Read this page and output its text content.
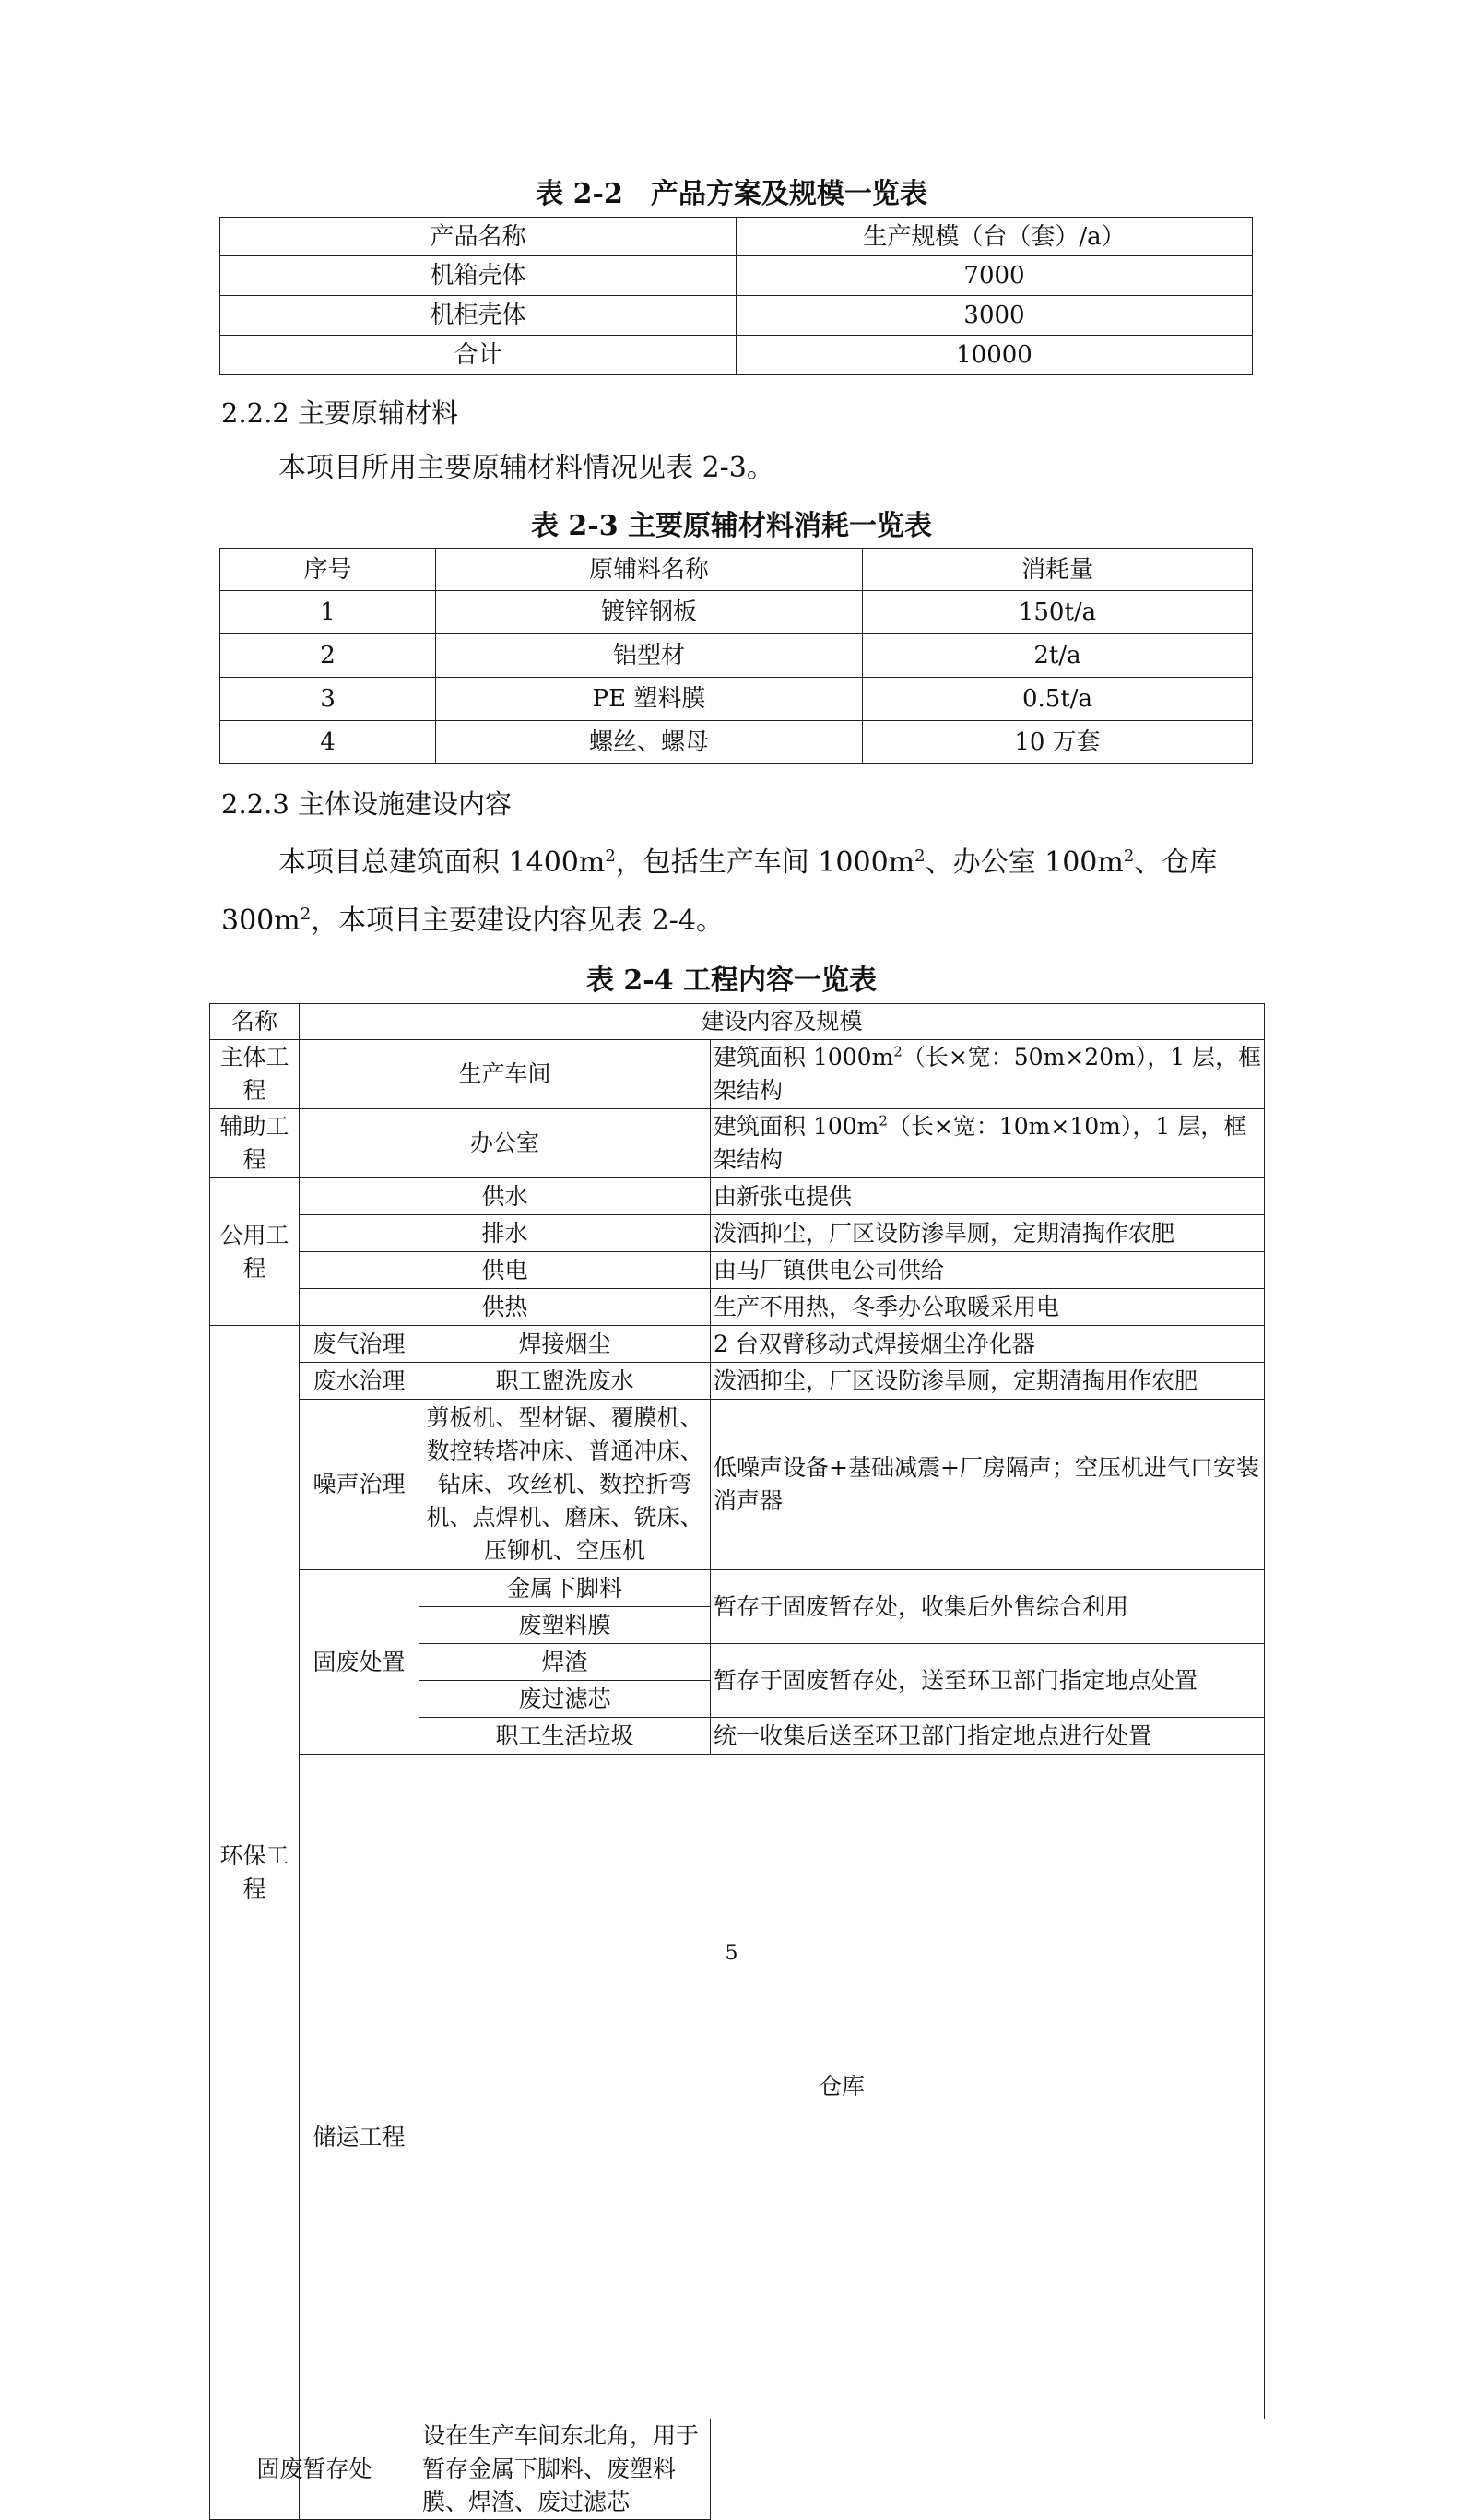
表 2-2　产品方案及规模一览表
产品名称	生产规模（台（套）/a）
机箱壳体	7000
机柜壳体	3000
合计	10000
2.2.2 主要原辅材料
本项目所用主要原辅材料情况见表 2-3。
表 2-3 主要原辅材料消耗一览表
序号	原辅料名称	消耗量
1	镀锌钢板	150t/a
2	铝型材	2t/a
3	PE 塑料膜	0.5t/a
4	螺丝、螺母	10 万套
2.2.3 主体设施建设内容
本项目总建筑面积 $1400m^2$，包括生产车间 $1000m^2$、办公室 $100m^2$、仓库
$300m^2$，本项目主要建设内容见表 2-4。
表 2-4 工程内容一览表
名称	建设内容及规模			
主体工程	生产车间		建筑面积 $1000m^2$（长×宽：50m×20m），1 层，框架结构	
辅助工程	办公室		建筑面积 $100m^2$（长×宽：10m×10m），1 层，框架结构	
公用工程	供水		由新张屯提供	
	排水		泼洒抑尘，厂区设防渗旱厕，定期清掏作农肥	
	供电		由马厂镇供电公司供给	
	供热		生产不用热，冬季办公取暖采用电	
环保工程	废气治理	焊接烟尘	2 台双臂移动式焊接烟尘净化器	
	废水治理	职工盥洗废水	泼洒抑尘，厂区设防渗旱厕，定期清掏用作农肥	
	噪声治理	剪板机、型材锯、覆膜机、数控转塔冲床、普通冲床、钻床、攻丝机、数控折弯机、点焊机、磨床、铣床、压铆机、空压机	低噪声设备+基础减震+厂房隔声；空压机进气口安装消声器	
	固废处置	金属下脚料	暂存于固废暂存处，收集后外售综合利用	
		废塑料膜		
		焊渣	暂存于固废暂存处，送至环卫部门指定地点处置	
		废过滤芯		
		职工生活垃圾	统一收集后送至环卫部门指定地点进行处置	
	储运工程	仓库	
固废暂存处		设在生产车间东北角，用于暂存金属下脚料、废塑料膜、焊渣、废过滤芯		
5
